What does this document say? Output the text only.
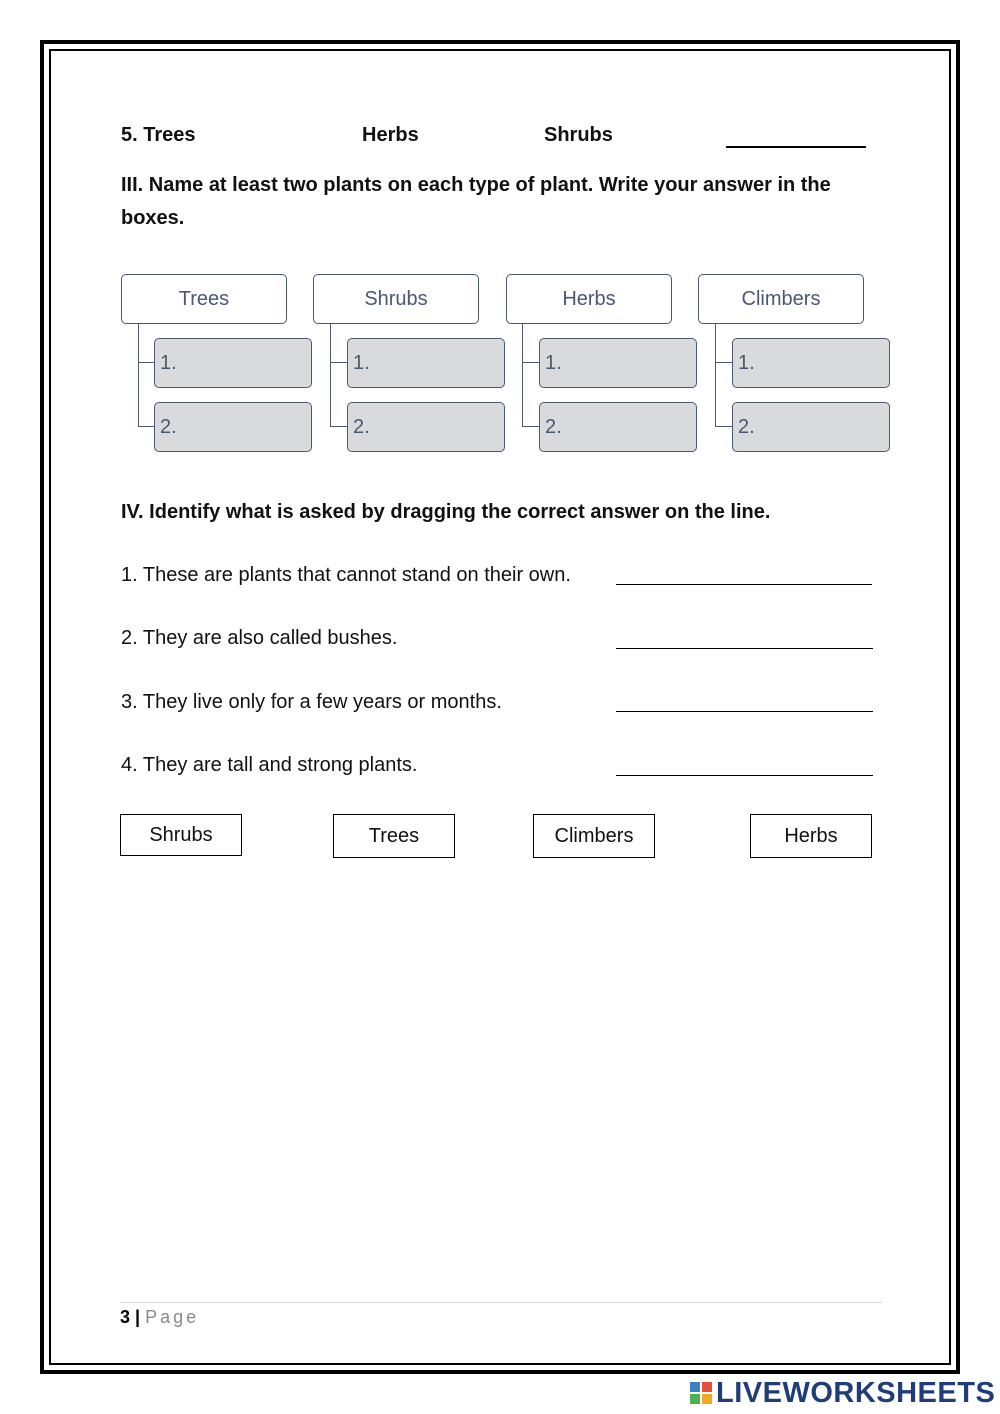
5. Trees	Herbs	Shrubs
III. Name at least two plants on each type of plant. Write your answer in the
boxes.
Trees
1.
2.
Shrubs
1.
2.
Herbs
1.
2.
Climbers
1.
2.
IV. Identify what is asked by dragging the correct answer on the line.
1. These are plants that cannot stand on their own.
2. They are also called bushes.
3. They live only for a few years or months.
4. They are tall and strong plants.
Shrubs	Trees	Climbers	Herbs
3 | Page
LIVEWORKSHEETS
